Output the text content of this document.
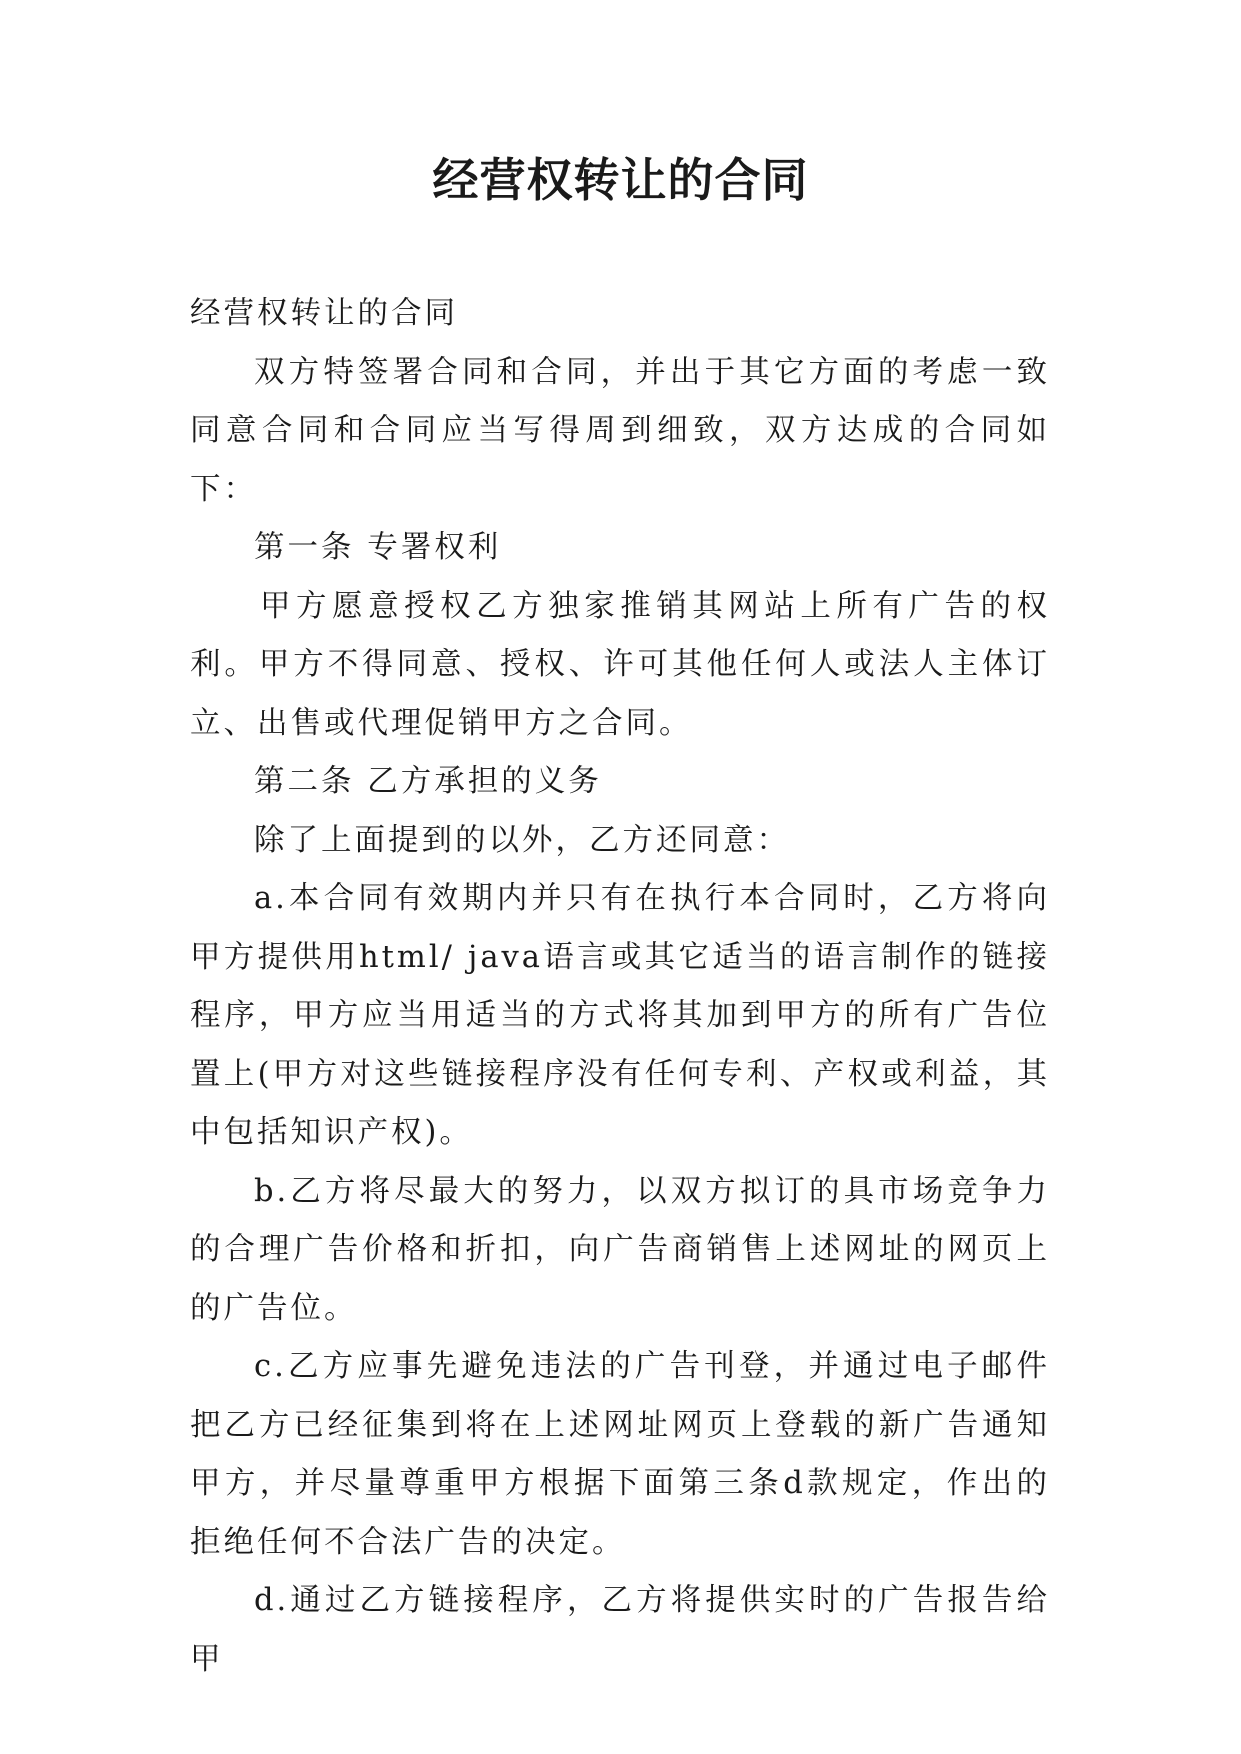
经营权转让的合同

经营权转让的合同

双方特签署合同和合同，并出于其它方面的考虑一致同意合同和合同应当写得周到细致，双方达成的合同如下：

第一条 专署权利

甲方愿意授权乙方独家推销其网站上所有广告的权利。甲方不得同意、授权、许可其他任何人或法人主体订立、出售或代理促销甲方之合同。

第二条 乙方承担的义务

除了上面提到的以外，乙方还同意：

a.本合同有效期内并只有在执行本合同时，乙方将向甲方提供用html/ java语言或其它适当的语言制作的链接程序，甲方应当用适当的方式将其加到甲方的所有广告位置上(甲方对这些链接程序没有任何专利、产权或利益，其中包括知识产权)。

b.乙方将尽最大的努力，以双方拟订的具市场竞争力的合理广告价格和折扣，向广告商销售上述网址的网页上的广告位。

c.乙方应事先避免违法的广告刊登，并通过电子邮件把乙方已经征集到将在上述网址网页上登载的新广告通知甲方，并尽量尊重甲方根据下面第三条d款规定，作出的拒绝任何不合法广告的决定。

d.通过乙方链接程序，乙方将提供实时的广告报告给甲
